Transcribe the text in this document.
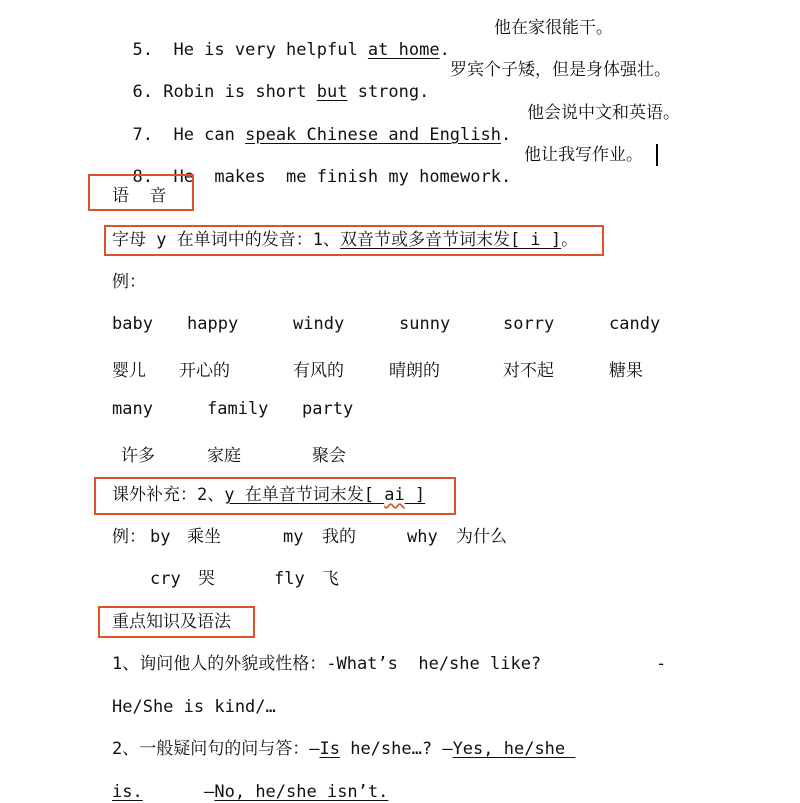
5. He is very helpful at home.

他在家很能干。

6. Robin is short but strong.

罗宾个子矮，但是身体强壮。

7. He can speak Chinese and English.

他会说中文和英语。

8. He  makes  me finish my homework.

他让我写作业。
语  音
字母 y 在单词中的发音：1、双音节或多音节词末发[ i ]。
例：
baby happy	windy	sunny	sorry	candy
婴儿 开心的	有风的	晴朗的	对不起	糖果
many	family party
许多	家庭	聚会
课外补充：2、y 在单音节词末发[ ai ]
例： by 乘坐	my 我的	why 为什么
cry 哭	fly 飞
重点知识及语法
1、询问他人的外貌或性格：-What’s  he/she like?	-
He/She is kind/…
2、一般疑问句的问与答：—Is he/she…? —Yes, he/she
is.      —No, he/she isn’t.
